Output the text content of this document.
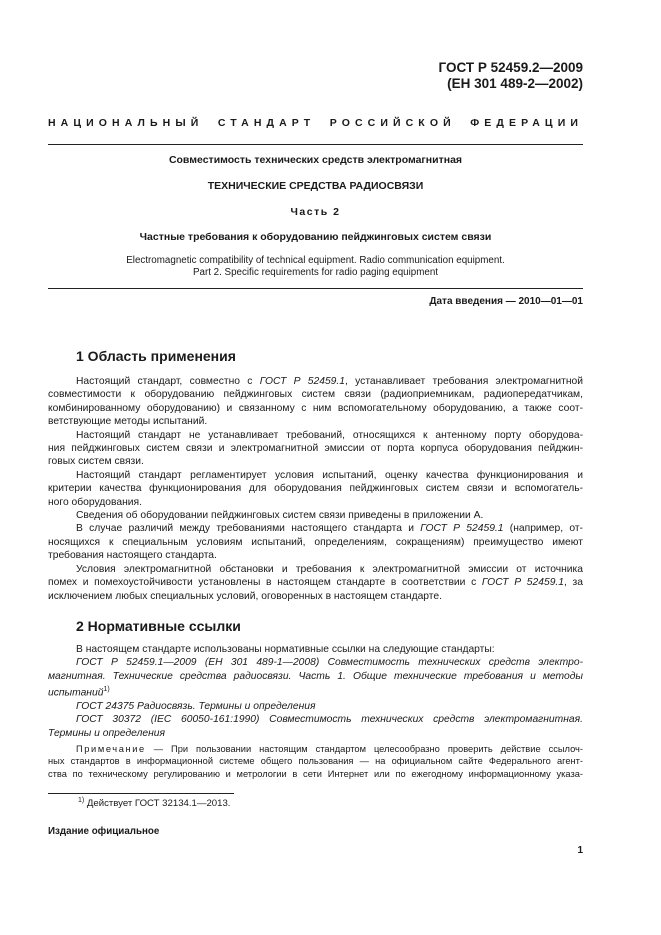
ГОСТ Р 52459.2—2009
(ЕН 301 489-2—2002)
НАЦИОНАЛЬНЫЙ СТАНДАРТ РОССИЙСКОЙ ФЕДЕРАЦИИ
Совместимость технических средств электромагнитная
ТЕХНИЧЕСКИЕ СРЕДСТВА РАДИОСВЯЗИ
Часть 2
Частные требования к оборудованию пейджинговых систем связи
Electromagnetic compatibility of technical equipment. Radio communication equipment.
Part 2. Specific requirements for radio paging equipment
Дата введения — 2010—01—01
1 Область применения
Настоящий стандарт, совместно с ГОСТ Р 52459.1, устанавливает требования электромагнитной
совместимости к оборудованию пейджинговых систем связи (радиоприемникам, радиопередатчикам,
комбинированному оборудованию) и связанному с ним вспомогательному оборудованию, а также соот-
ветствующие методы испытаний.
Настоящий стандарт не устанавливает требований, относящихся к антенному порту оборудова-
ния пейджинговых систем связи и электромагнитной эмиссии от порта корпуса оборудования пейджин-
говых систем связи.
Настоящий стандарт регламентирует условия испытаний, оценку качества функционирования и
критерии качества функционирования для оборудования пейджинговых систем связи и вспомогатель-
ного оборудования.
Сведения об оборудовании пейджинговых систем связи приведены в приложении А.
В случае различий между требованиями настоящего стандарта и ГОСТ Р 52459.1 (например, от-
носящихся к специальным условиям испытаний, определениям, сокращениям) преимущество имеют
требования настоящего стандарта.
Условия электромагнитной обстановки и требования к электромагнитной эмиссии от источника
помех и помехоустойчивости установлены в настоящем стандарте в соответствии с ГОСТ Р 52459.1, за
исключением любых специальных условий, оговоренных в настоящем стандарте.
2 Нормативные ссылки
В настоящем стандарте использованы нормативные ссылки на следующие стандарты:
ГОСТ Р 52459.1—2009 (ЕН 301 489-1—2008) Совместимость технических средств электро-
магнитная. Технические средства радиосвязи. Часть 1. Общие технические требования и методы
испытаний$^{1)}$
ГОСТ 24375 Радиосвязь. Термины и определения
ГОСТ 30372 (IEC 60050-161:1990) Совместимость технических средств электромагнитная.
Термины и определения
Примечание — При пользовании настоящим стандартом целесообразно проверить действие ссылоч-
ных стандартов в информационной системе общего пользования — на официальном сайте Федерального агент-
ства по техническому регулированию и метрологии в сети Интернет или по ежегодному информационному указа-
$^{1)}$ Действует ГОСТ 32134.1—2013.
Издание официальное
1
